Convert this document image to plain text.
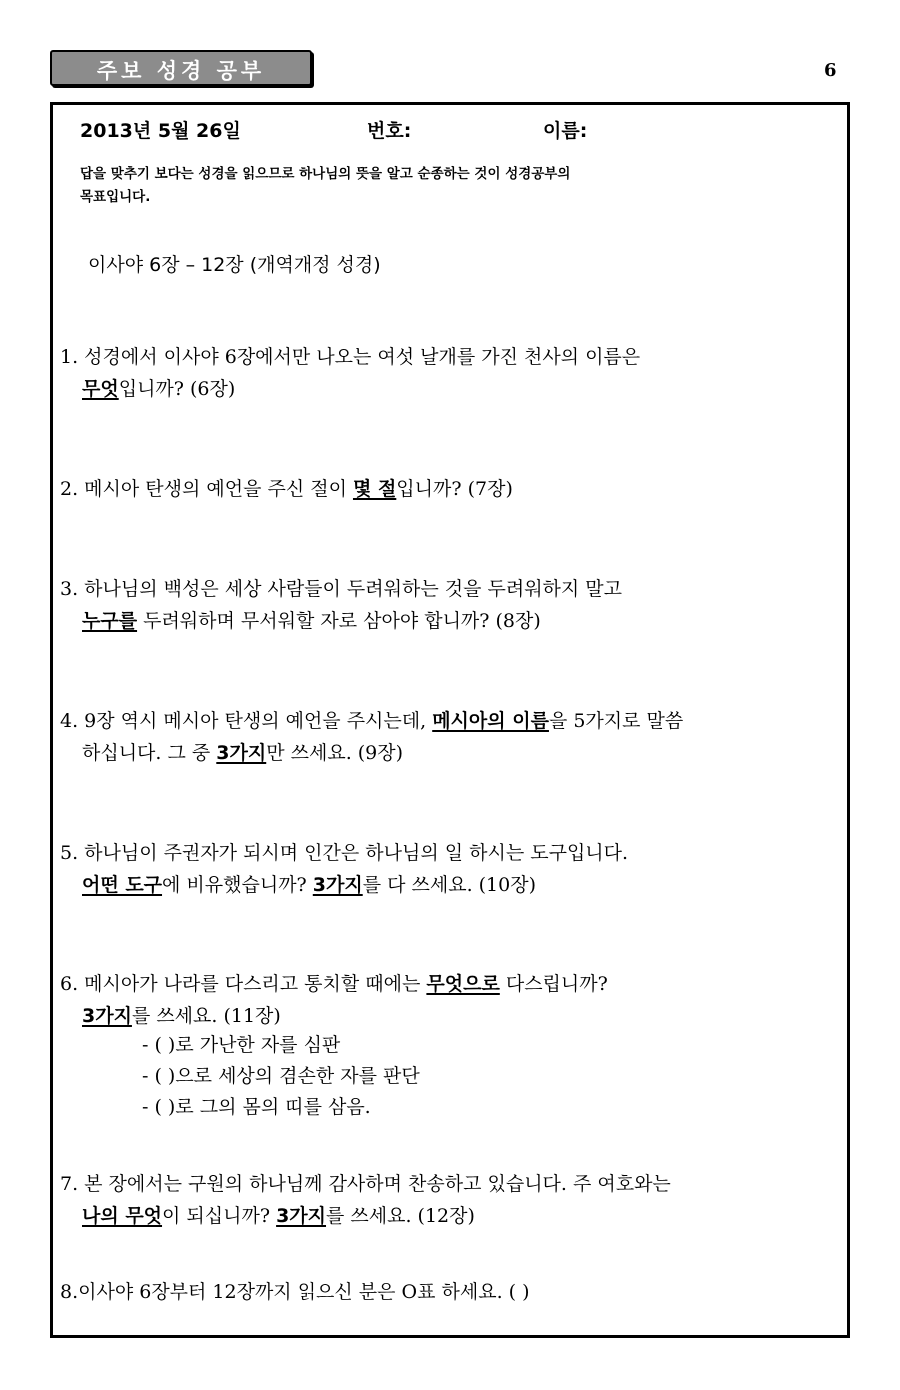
주보 성경 공부	6
2013년 5월 26일	번호:	이름:
답을 맞추기 보다는 성경을 읽으므로 하나님의 뜻을 알고 순종하는 것이 성경공부의
목표입니다.
이사야 6장 – 12장 (개역개정 성경)
1. 성경에서 이사야 6장에서만 나오는 여섯 날개를 가진 천사의 이름은
무엇입니까? (6장)
2. 메시아 탄생의 예언을 주신 절이 몇 절입니까? (7장)
3. 하나님의 백성은 세상 사람들이 두려워하는 것을 두려워하지 말고
누구를 두려워하며 무서워할 자로 삼아야 합니까? (8장)
4. 9장 역시 메시아 탄생의 예언을 주시는데, 메시아의 이름을 5가지로 말씀
하십니다. 그 중 3가지만 쓰세요. (9장)
5. 하나님이 주권자가 되시며 인간은 하나님의 일 하시는 도구입니다.
어떤 도구에 비유했습니까? 3가지를 다 쓰세요. (10장)
6. 메시아가 나라를 다스리고 통치할 때에는 무엇으로 다스립니까?
3가지를 쓰세요. (11장)
- ( )로 가난한 자를 심판
- ( )으로 세상의 겸손한 자를 판단
- ( )로 그의 몸의 띠를 삼음.
7. 본 장에서는 구원의 하나님께 감사하며 찬송하고 있습니다. 주 여호와는
나의 무엇이 되십니까? 3가지를 쓰세요. (12장)
8.이사야 6장부터 12장까지 읽으신 분은 O표 하세요. ( )
